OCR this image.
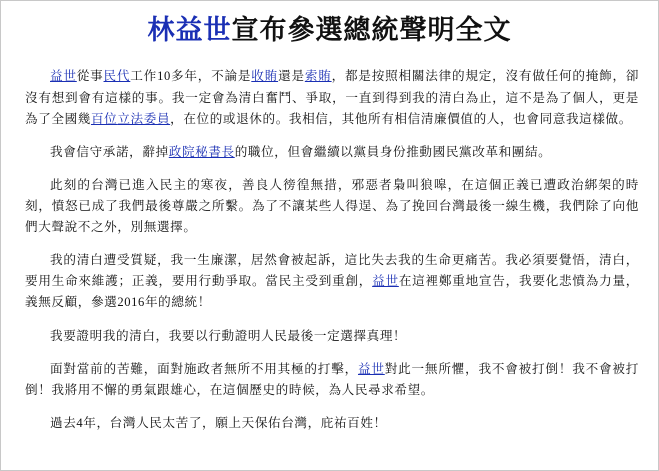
林益世宣布參選總統聲明全文

益世從事民代工作10多年，不論是收賄還是索賄，都是按照相關法律的規定，沒有做任何的掩飾，卻沒有想到會有這樣的事。我一定會為清白奮鬥、爭取，一直到得到我的清白為止，這不是為了個人，更是為了全國幾百位立法委員，在位的或退休的。我相信，其他所有相信清廉價值的人，也會同意我這樣做。

我會信守承諾，辭掉政院秘書長的職位，但會繼續以黨員身份推動國民黨改革和團結。

此刻的台灣已進入民主的寒夜，善良人徬徨無措，邪惡者梟叫狼嗥，在這個正義已遭政治綁架的時刻，憤怒已成了我們最後尊嚴之所繫。為了不讓某些人得逞、為了挽回台灣最後一線生機，我們除了向他們大聲說不之外，別無選擇。

我的清白遭受質疑，我一生廉潔，居然會被起訴，這比失去我的生命更痛苦。我必須要覺悟，清白，要用生命來維護；正義，要用行動爭取。當民主受到重創，益世在這裡鄭重地宣告，我要化悲憤為力量，義無反顧，參選2016年的總統！

我要證明我的清白，我要以行動證明人民最後一定選擇真理！

面對當前的苦難，面對施政者無所不用其極的打擊，益世對此一無所懼，我不會被打倒！我不會被打倒！我將用不懈的勇氣跟雄心，在這個歷史的時候，為人民尋求希望。

過去4年，台灣人民太苦了，願上天保佑台灣，庇祐百姓！
